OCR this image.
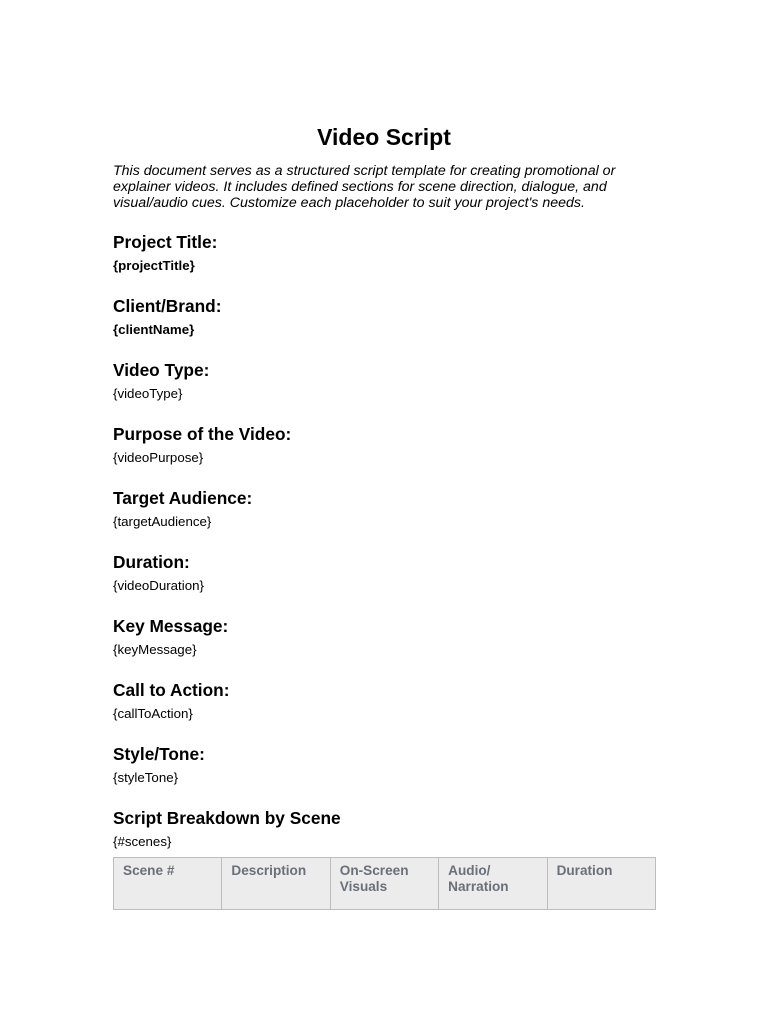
Video Script

This document serves as a structured script template for creating promotional or explainer videos. It includes defined sections for scene direction, dialogue, and visual/audio cues. Customize each placeholder to suit your project's needs.

Project Title:
{projectTitle}
Client/Brand:
{clientName}
Video Type:
{videoType}
Purpose of the Video:
{videoPurpose}
Target Audience:
{targetAudience}
Duration:
{videoDuration}
Key Message:
{keyMessage}
Call to Action:
{callToAction}
Style/Tone:
{styleTone}
Script Breakdown by Scene
{#scenes}
Scene #	Description	On-Screen Visuals	Audio/ Narration	Duration
